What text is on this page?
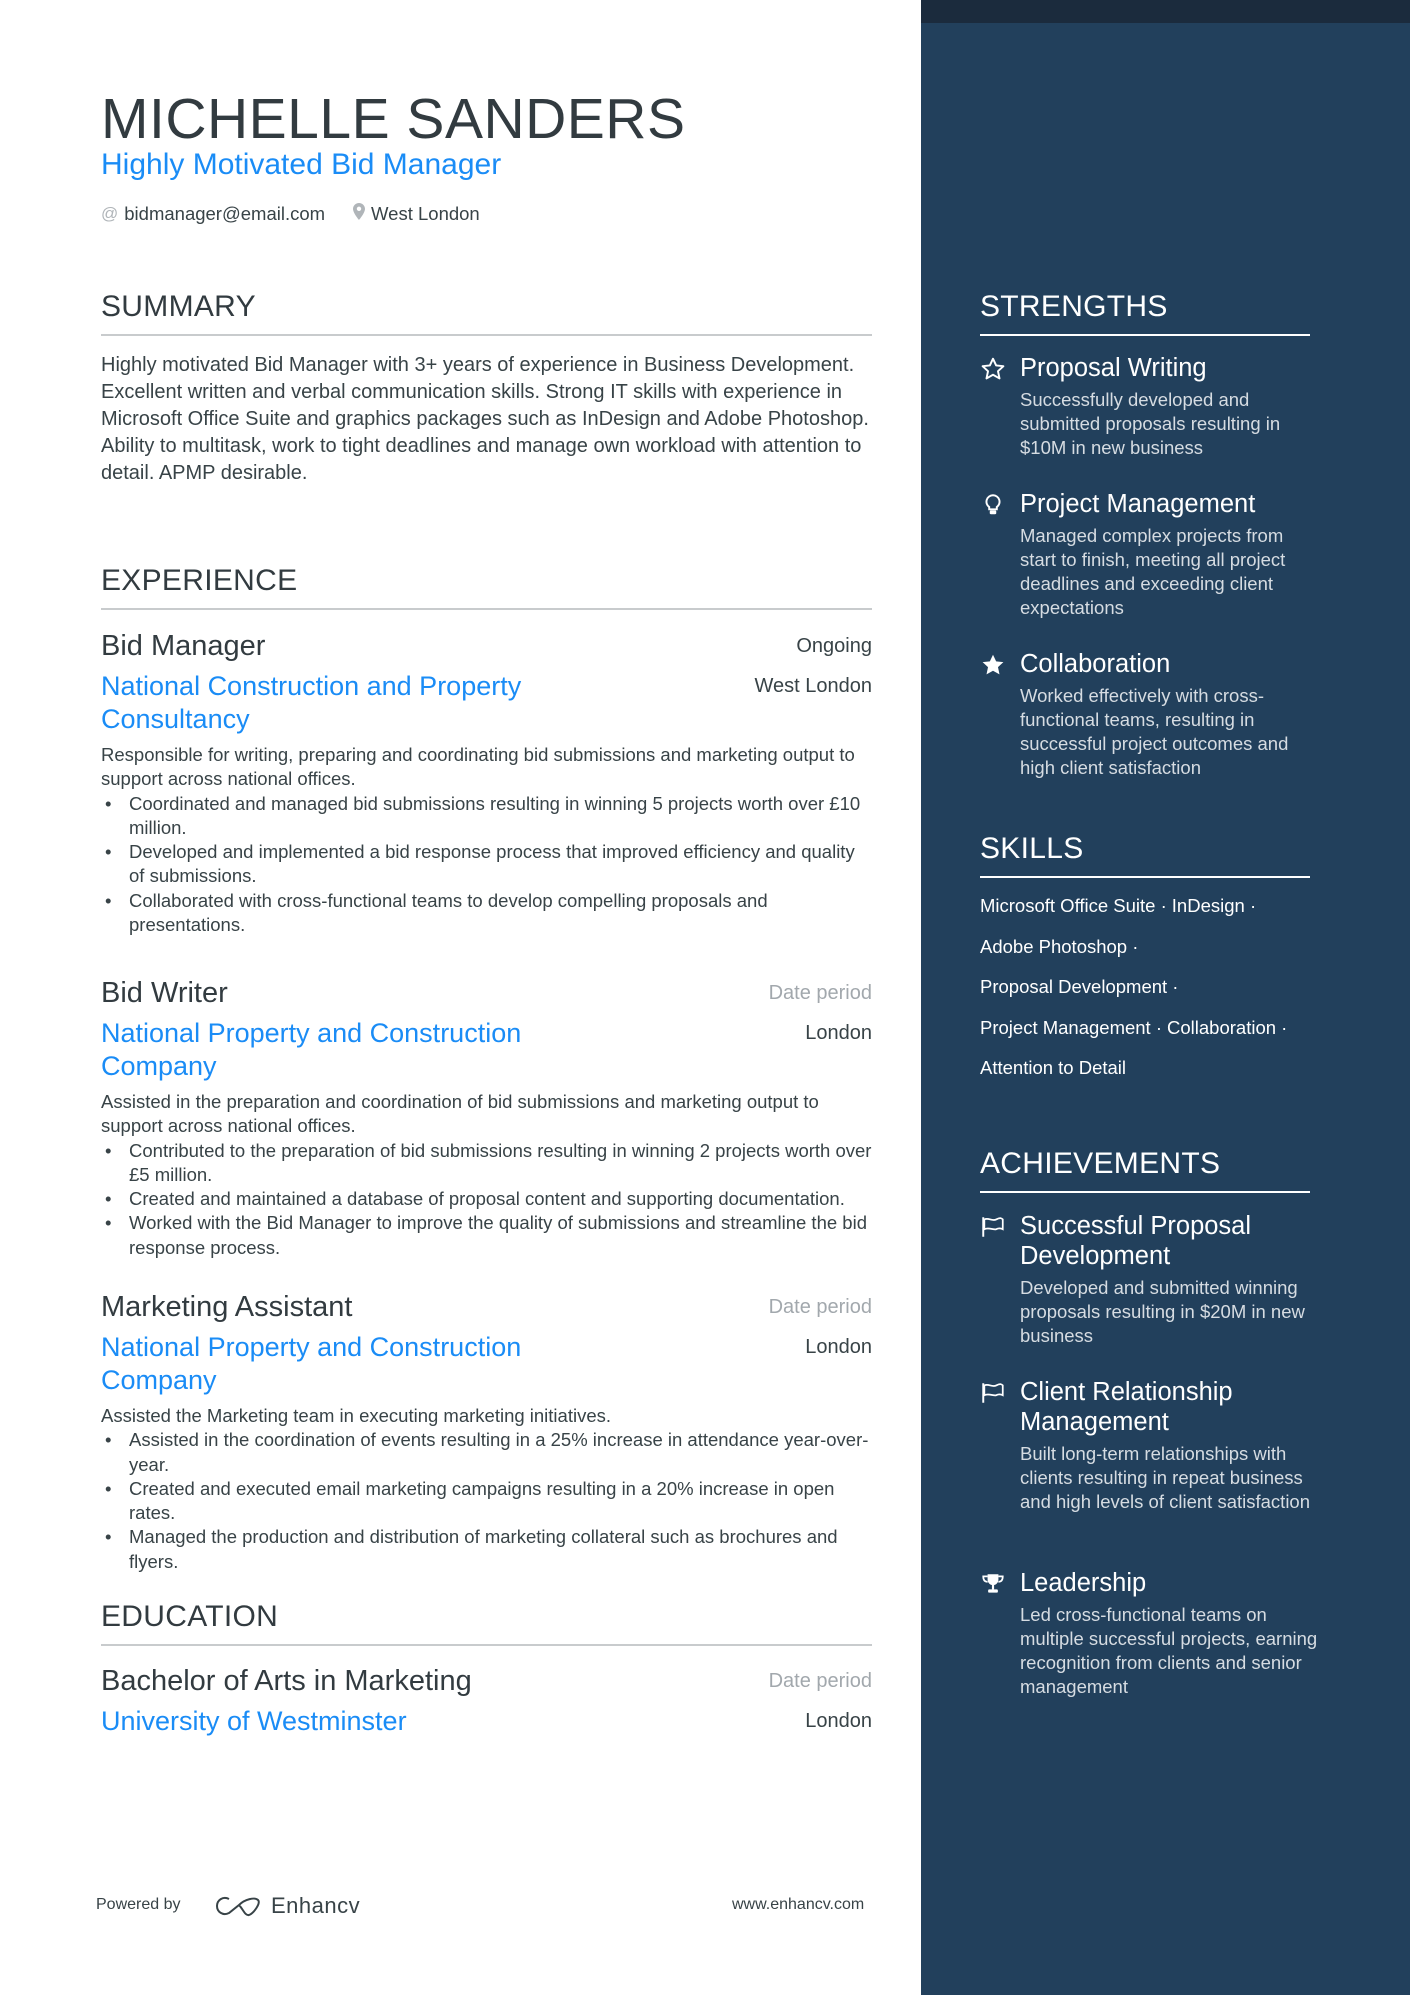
MICHELLE SANDERS
Highly Motivated Bid Manager
@ bidmanager@email.com West London
SUMMARY
Highly motivated Bid Manager with 3+ years of experience in Business Development. Excellent written and verbal communication skills. Strong IT skills with experience in Microsoft Office Suite and graphics packages such as InDesign and Adobe Photoshop. Ability to multitask, work to tight deadlines and manage own workload with attention to detail. APMP desirable.
EXPERIENCE
Bid Manager	Ongoing
National Construction and Property Consultancy
West London
Responsible for writing, preparing and coordinating bid submissions and marketing output to support across national offices.
• Coordinated and managed bid submissions resulting in winning 5 projects worth over £10 million.
• Developed and implemented a bid response process that improved efficiency and quality of submissions.
• Collaborated with cross-functional teams to develop compelling proposals and presentations.
Bid Writer	Date period
National Property and Construction Company
London
Assisted in the preparation and coordination of bid submissions and marketing output to support across national offices.
• Contributed to the preparation of bid submissions resulting in winning 2 projects worth over £5 million.
• Created and maintained a database of proposal content and supporting documentation.
• Worked with the Bid Manager to improve the quality of submissions and streamline the bid response process.
Marketing Assistant	Date period
National Property and Construction Company
London
Assisted the Marketing team in executing marketing initiatives.
• Assisted in the coordination of events resulting in a 25% increase in attendance year-over-year.
• Created and executed email marketing campaigns resulting in a 20% increase in open rates.
• Managed the production and distribution of marketing collateral such as brochures and flyers.
EDUCATION
Bachelor of Arts in Marketing	Date period
University of Westminster	London
Powered by	Enhancv	www.enhancv.com
STRENGTHS
Proposal Writing
Successfully developed and submitted proposals resulting in $10M in new business
Project Management
Managed complex projects from start to finish, meeting all project deadlines and exceeding client expectations
Collaboration
Worked effectively with cross-functional teams, resulting in successful project outcomes and high client satisfaction
SKILLS
Microsoft Office Suite · InDesign ·
Adobe Photoshop ·
Proposal Development ·
Project Management · Collaboration ·
Attention to Detail
ACHIEVEMENTS
Successful Proposal Development
Developed and submitted winning proposals resulting in $20M in new business
Client Relationship Management
Built long-term relationships with clients resulting in repeat business and high levels of client satisfaction
Leadership
Led cross-functional teams on multiple successful projects, earning recognition from clients and senior management
